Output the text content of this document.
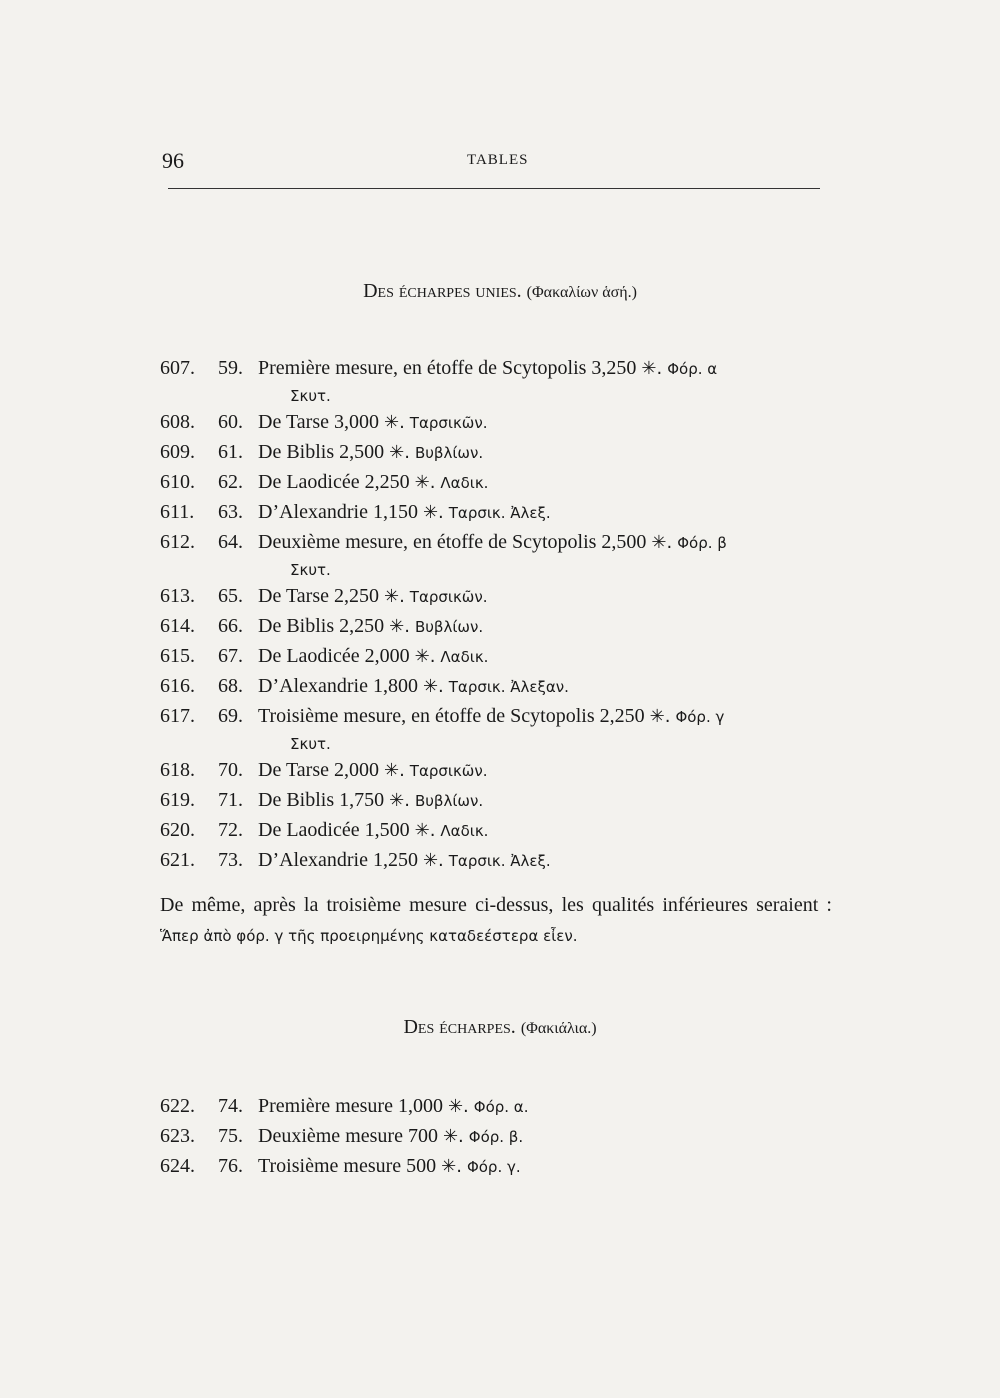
96	TABLES
Des écharpes unies. (Φακαλίων ἁσή.)
607. 59. Première mesure, en étoffe de Scytopolis 3,250 ✳. Φόρ. α
Σκυτ.
608. 60. De Tarse 3,000 ✳. Ταρσικῶν.
609. 61. De Biblis 2,500 ✳. Βυβλίων.
610. 62. De Laodicée 2,250 ✳. Λαδικ.
611. 63. D’Alexandrie 1,150 ✳. Ταρσικ. Ἀλεξ.
612. 64. Deuxième mesure, en étoffe de Scytopolis 2,500 ✳. Φόρ. β
Σκυτ.
613. 65. De Tarse 2,250 ✳. Ταρσικῶν.
614. 66. De Biblis 2,250 ✳. Βυβλίων.
615. 67. De Laodicée 2,000 ✳. Λαδικ.
616. 68. D’Alexandrie 1,800 ✳. Ταρσικ. Ἀλεξαν.
617. 69. Troisième mesure, en étoffe de Scytopolis 2,250 ✳. Φόρ. γ
Σκυτ.
618. 70. De Tarse 2,000 ✳. Ταρσικῶν.
619. 71. De Biblis 1,750 ✳. Βυβλίων.
620. 72. De Laodicée 1,500 ✳. Λαδικ.
621. 73. D’Alexandrie 1,250 ✳. Ταρσικ. Ἀλεξ.
De même, après la troisième mesure ci-dessus, les qualités inférieures seraient : Ἅπερ ἀπὸ φόρ. γ τῆς προειρημένης καταδεέστερα εἶεν.
Des écharpes. (Φακιάλια.)
622. 74. Première mesure 1,000 ✳. Φόρ. α.
623. 75. Deuxième mesure 700 ✳. Φόρ. β.
624. 76. Troisième mesure 500 ✳. Φόρ. γ.
